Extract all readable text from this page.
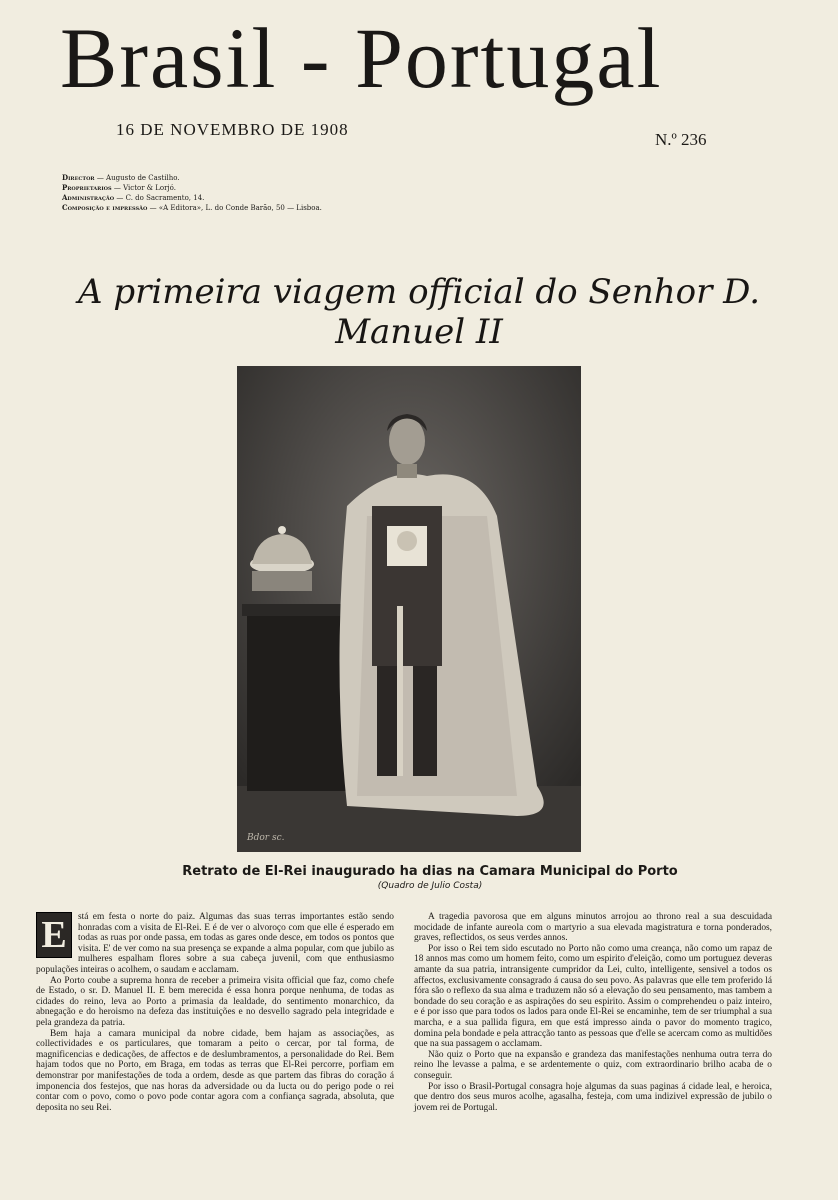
Brasil - Portugal
16 DE NOVEMBRO DE 1908
N.º 236
Director — Augusto de Castilho.
Proprietarios — Victor & Lorjó.
Administração — C. do Sacramento, 14.
Composição e impressão — «A Editora», L. do Conde Barão, 50 — Lisboa.
A primeira viagem official do Senhor D. Manuel II
Bdor sc.
Retrato de El-Rei inaugurado ha dias na Camara Municipal do Porto
(Quadro de Julio Costa)
E	stá em festa o norte do paiz. Algumas das suas terras importantes estão sendo honradas com a visita de El-Rei. E é de ver o alvoroço com que elle é esperado em todas as ruas por onde passa, em todas as gares onde desce, em todos os pontos que visita. E' de ver como na sua presença se expande a alma popular, com que jubilo as mulheres espalham flores sobre a sua cabeça juvenil, com que enthusiasmo populações inteiras o acolhem, o saudam e acclamam.

Ao Porto coube a suprema honra de receber a primeira visita official que faz, como chefe de Estado, o sr. D. Manuel II. E bem merecida é essa honra porque nenhuma, de todas as cidades do reino, leva ao Porto a primasia da lealdade, do sentimento monarchico, da abnegação e do heroismo na defeza das instituições e no desvello sagrado pela integridade e pela grandeza da patria.

Bem haja a camara municipal da nobre cidade, bem hajam as associações, as collectividades e os particulares, que tomaram a peito o cercar, por tal forma, de magnificencias e dedicações, de affectos e de deslumbramentos, a personalidade do Rei. Bem hajam todos que no Porto, em Braga, em todas as terras que El-Rei percorre, porfiam em demonstrar por manifestações de toda a ordem, desde as que partem das fibras do coração á imponencia dos festejos, que nas horas da adversidade ou da lucta ou do perigo pode o rei contar com o povo, como o povo pode contar agora com a confiança sagrada, absoluta, que deposita no seu Rei.

A tragedia pavorosa que em alguns minutos arrojou ao throno real a sua descuidada mocidade de infante aureola com o martyrio a sua elevada magistratura e torna ponderados, graves, reflectidos, os seus verdes annos.

Por isso o Rei tem sido escutado no Porto não como uma creança, não como um rapaz de 18 annos mas como um homem feito, como um espirito d'eleição, como um portuguez deveras amante da sua patria, intransigente cumpridor da Lei, culto, intelligente, sensivel a todos os affectos, exclusivamente consagrado á causa do seu povo. As palavras que elle tem proferido lá fóra são o reflexo da sua alma e traduzem não só a elevação do seu pensamento, mas tambem a bondade do seu coração e as aspirações do seu espirito. Assim o comprehendeu o paiz inteiro, e é por isso que para todos os lados para onde El-Rei se encaminhe, tem de ser triumphal a sua marcha, e a sua pallida figura, em que está impresso ainda o pavor do momento tragico, domina pela bondade e pela attracção tanto as pessoas que d'elle se acercam como as multidões que na sua passagem o acclamam.

Não quiz o Porto que na expansão e grandeza das manifestações nenhuma outra terra do reino lhe levasse a palma, e se ardentemente o quiz, com extraordinario brilho acaba de o conseguir.

Por isso o Brasil-Portugal consagra hoje algumas da suas paginas á cidade leal, e heroica, que dentro dos seus muros acolhe, agasalha, festeja, com uma indizivel expressão de jubilo o jovem rei de Portugal.
